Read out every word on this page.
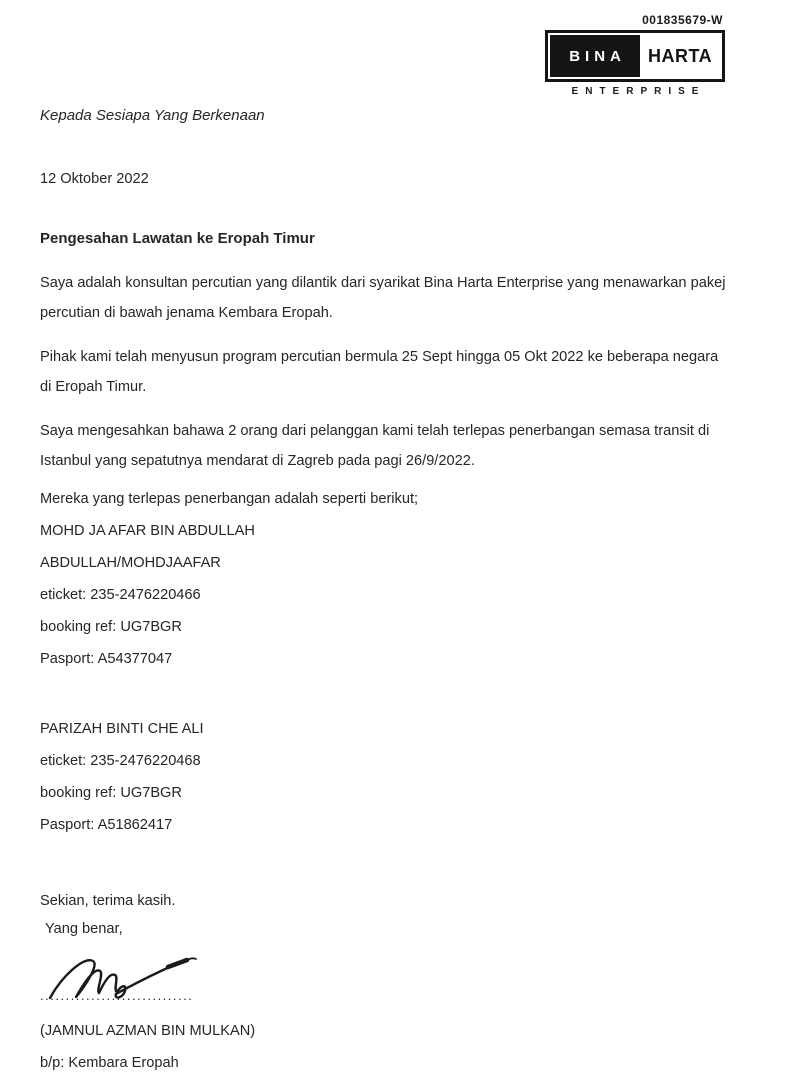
001835679-W
BINA	HARTA
ENTERPRISE

Kepada Sesiapa Yang Berkenaan

12 Oktober 2022

Pengesahan Lawatan ke Eropah Timur

Saya adalah konsultan percutian yang dilantik dari syarikat Bina Harta Enterprise yang menawarkan pakej

percutian di bawah jenama Kembara Eropah.

Pihak kami telah menyusun program percutian bermula 25 Sept hingga 05 Okt 2022 ke beberapa negara

di Eropah Timur.

Saya mengesahkan bahawa 2 orang dari pelanggan kami telah terlepas penerbangan semasa transit di

Istanbul yang sepatutnya mendarat di Zagreb pada pagi 26/9/2022.

Mereka yang terlepas penerbangan adalah seperti berikut;

MOHD JA AFAR BIN ABDULLAH

ABDULLAH/MOHDJAAFAR

eticket: 235-2476220466

booking ref: UG7BGR

Pasport: A54377047

PARIZAH BINTI CHE ALI

eticket: 235-2476220468

booking ref: UG7BGR

Pasport: A51862417

Sekian, terima kasih.

Yang benar,

..............................

(JAMNUL AZMAN BIN MULKAN)

b/p: Kembara Eropah
